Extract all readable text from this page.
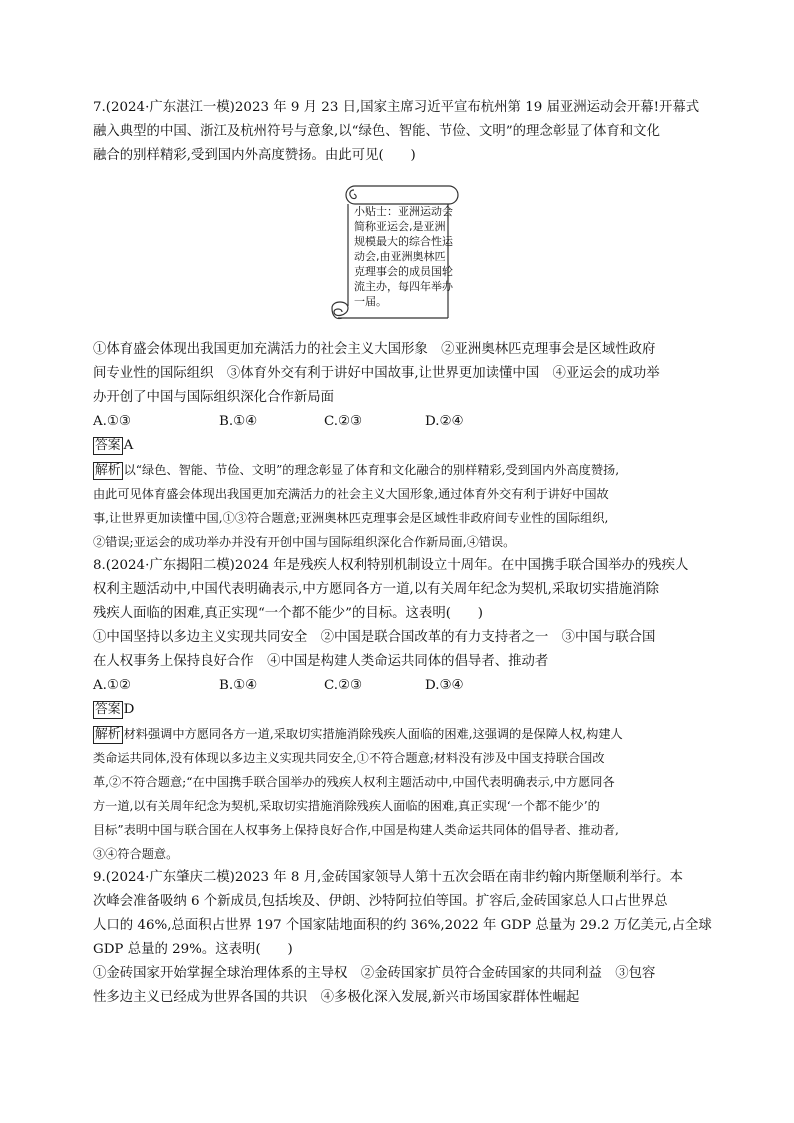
7.(2024·广东湛江一模)2023 年 9 月 23 日,国家主席习近平宣布杭州第 19 届亚洲运动会开幕!开幕式
融入典型的中国、浙江及杭州符号与意象,以“绿色、智能、节俭、文明”的理念彰显了体育和文化
融合的别样精彩,受到国内外高度赞扬。由此可见(　　)
小贴士：亚洲运动会简称亚运会,是亚洲规模最大的综合性运动会,由亚洲奥林匹克理事会的成员国轮流主办，每四年举办一届。
①体育盛会体现出我国更加充满活力的社会主义大国形象　②亚洲奥林匹克理事会是区域性政府
间专业性的国际组织　③体育外交有利于讲好中国故事,让世界更加读懂中国　④亚运会的成功举
办开创了中国与国际组织深化合作新局面
A.①③	B.①④	C.②③	D.②④
答案 A
解析 以“绿色、智能、节俭、文明”的理念彰显了体育和文化融合的别样精彩,受到国内外高度赞扬,
由此可见体育盛会体现出我国更加充满活力的社会主义大国形象,通过体育外交有利于讲好中国故
事,让世界更加读懂中国,①③符合题意;亚洲奥林匹克理事会是区域性非政府间专业性的国际组织,
②错误;亚运会的成功举办并没有开创中国与国际组织深化合作新局面,④错误。
8.(2024·广东揭阳二模)2024 年是残疾人权利特别机制设立十周年。在中国携手联合国举办的残疾人
权利主题活动中,中国代表明确表示,中方愿同各方一道,以有关周年纪念为契机,采取切实措施消除
残疾人面临的困难,真正实现“一个都不能少”的目标。这表明(　　)
①中国坚持以多边主义实现共同安全　②中国是联合国改革的有力支持者之一　③中国与联合国
在人权事务上保持良好合作　④中国是构建人类命运共同体的倡导者、推动者
A.①②	B.①④	C.②③	D.③④
答案 D
解析 材料强调中方愿同各方一道,采取切实措施消除残疾人面临的困难,这强调的是保障人权,构建人
类命运共同体,没有体现以多边主义实现共同安全,①不符合题意;材料没有涉及中国支持联合国改
革,②不符合题意;“在中国携手联合国举办的残疾人权利主题活动中,中国代表明确表示,中方愿同各
方一道,以有关周年纪念为契机,采取切实措施消除残疾人面临的困难,真正实现‘一个都不能少’的
目标”表明中国与联合国在人权事务上保持良好合作,中国是构建人类命运共同体的倡导者、推动者,
③④符合题意。
9.(2024·广东肇庆二模)2023 年 8 月,金砖国家领导人第十五次会晤在南非约翰内斯堡顺利举行。本
次峰会准备吸纳 6 个新成员,包括埃及、伊朗、沙特阿拉伯等国。扩容后,金砖国家总人口占世界总
人口的 46%,总面积占世界 197 个国家陆地面积的约 36%,2022 年 GDP 总量为 29.2 万亿美元,占全球
GDP 总量的 29%。这表明(　　)
①金砖国家开始掌握全球治理体系的主导权　②金砖国家扩员符合金砖国家的共同利益　③包容
性多边主义已经成为世界各国的共识　④多极化深入发展,新兴市场国家群体性崛起
